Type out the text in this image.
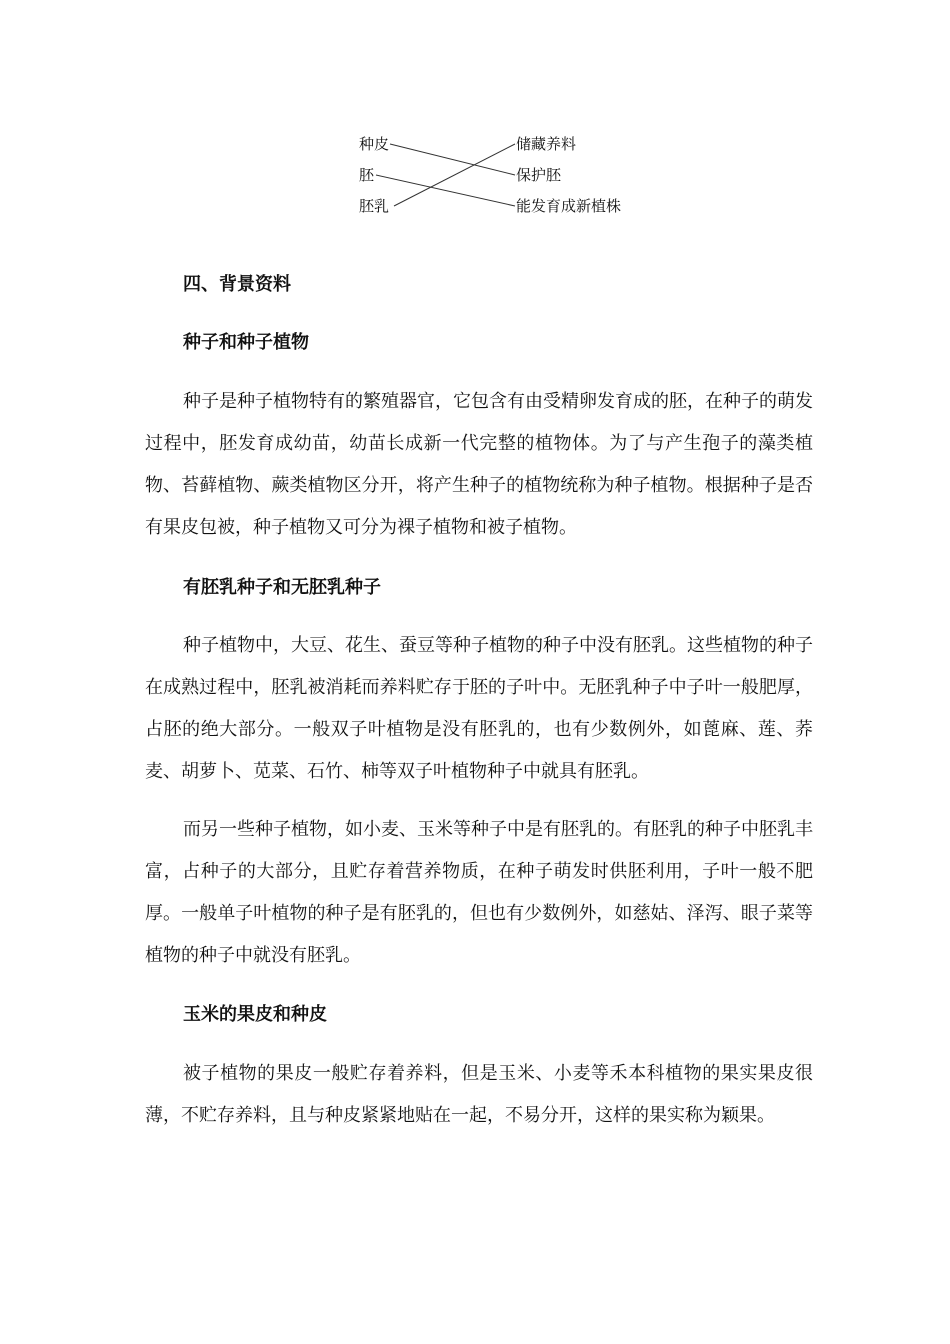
种皮
胚
胚乳
储藏养料
保护胚
能发育成新植株
四、背景资料
种子和种子植物
种子是种子植物特有的繁殖器官，它包含有由受精卵发育成的胚，在种子的萌发过程中，胚发育成幼苗，幼苗长成新一代完整的植物体。为了与产生孢子的藻类植物、苔藓植物、蕨类植物区分开，将产生种子的植物统称为种子植物。根据种子是否有果皮包被，种子植物又可分为裸子植物和被子植物。
有胚乳种子和无胚乳种子
种子植物中，大豆、花生、蚕豆等种子植物的种子中没有胚乳。这些植物的种子在成熟过程中，胚乳被消耗而养料贮存于胚的子叶中。无胚乳种子中子叶一般肥厚，占胚的绝大部分。一般双子叶植物是没有胚乳的，也有少数例外，如蓖麻、莲、荞麦、胡萝卜、苋菜、石竹、柿等双子叶植物种子中就具有胚乳。
而另一些种子植物，如小麦、玉米等种子中是有胚乳的。有胚乳的种子中胚乳丰富，占种子的大部分，且贮存着营养物质，在种子萌发时供胚利用，子叶一般不肥厚。一般单子叶植物的种子是有胚乳的，但也有少数例外，如慈姑、泽泻、眼子菜等植物的种子中就没有胚乳。
玉米的果皮和种皮
被子植物的果皮一般贮存着养料，但是玉米、小麦等禾本科植物的果实果皮很薄，不贮存养料，且与种皮紧紧地贴在一起，不易分开，这样的果实称为颖果。
